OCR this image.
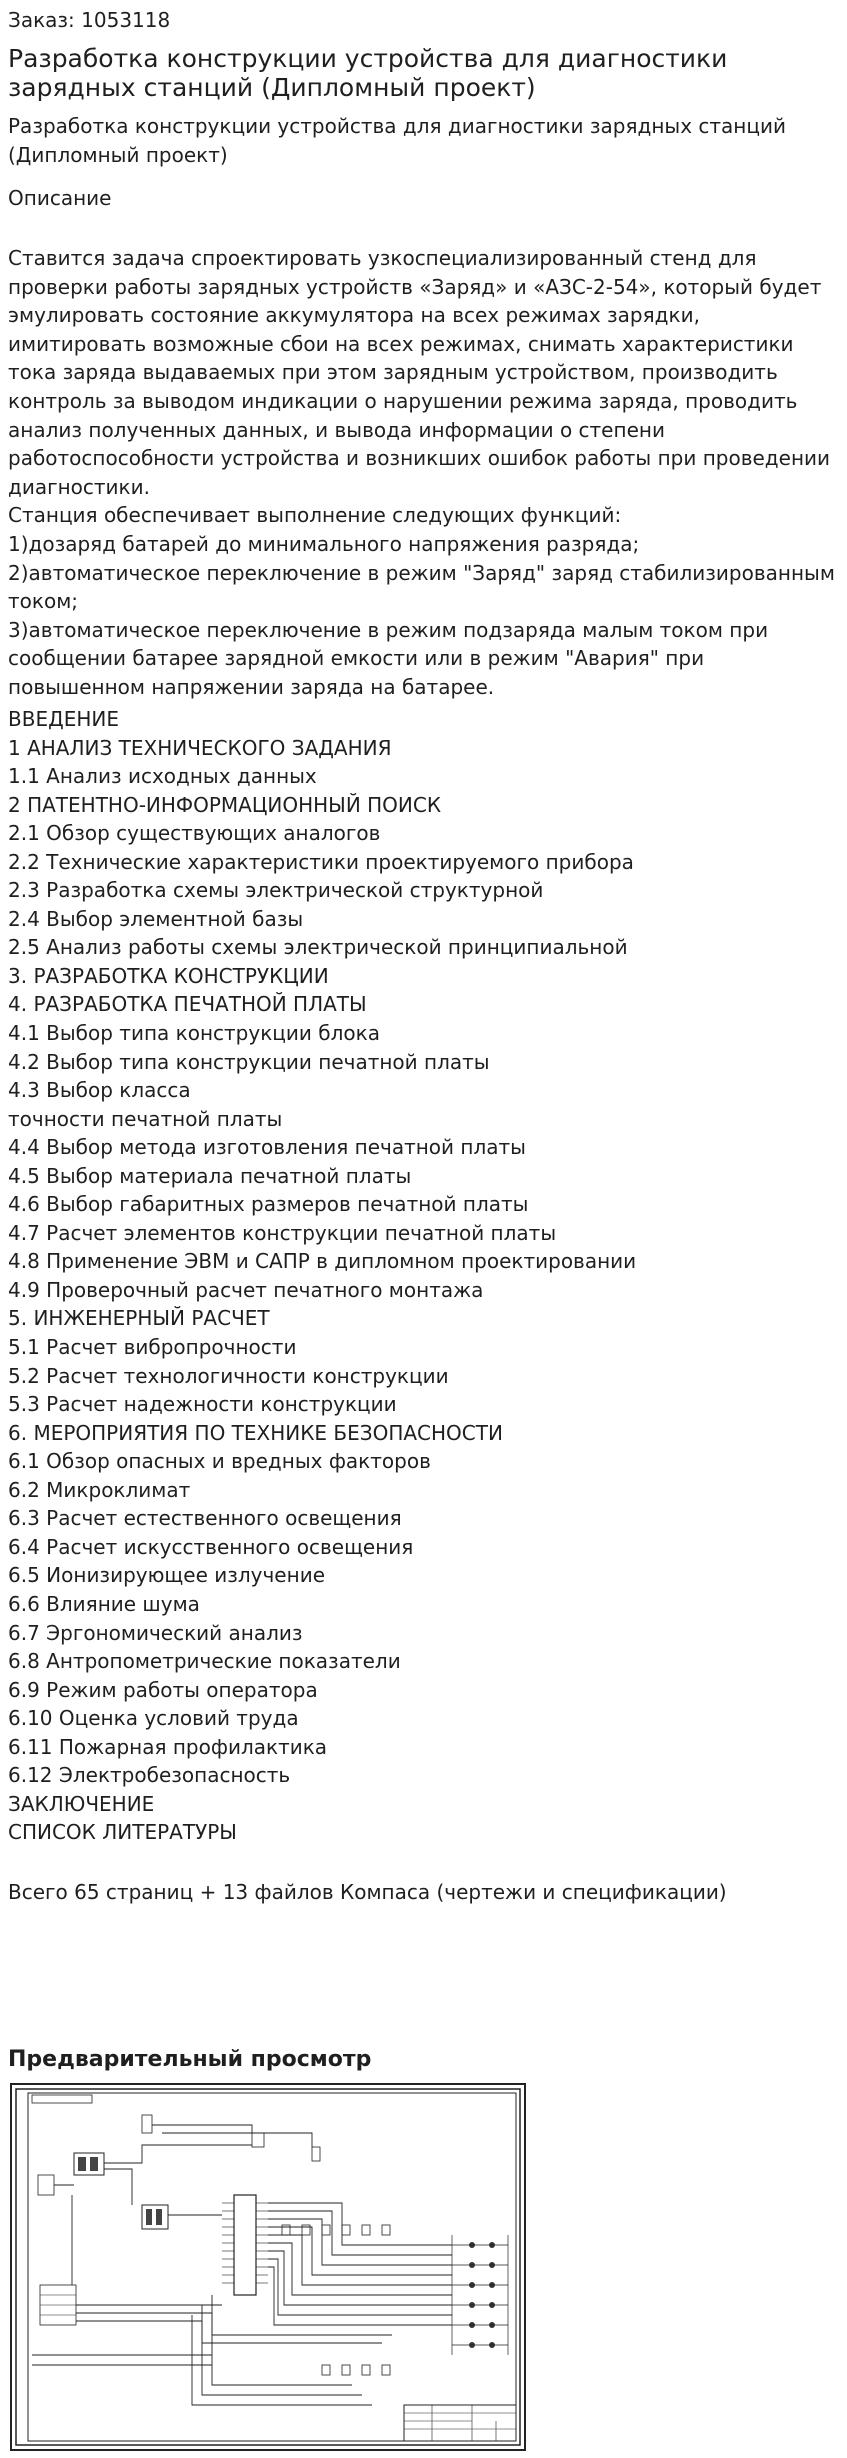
Заказ: 1053118

Разработка конструкции устройства для диагностики зарядных станций (Дипломный проект)

Разработка конструкции устройства для диагностики зарядных станций (Дипломный проект)

Описание

Ставится задача спроектировать узкоспециализированный стенд для проверки работы зарядных устройств «Заряд» и «АЗС-2-54», который будет эмулировать состояние аккумулятора на всех режимах зарядки, имитировать возможные сбои на всех режимах, снимать характеристики тока заряда выдаваемых при этом зарядным устройством, производить контроль за выводом индикации о нарушении режима заряда, проводить анализ полученных данных, и вывода информации о степени работоспособности устройства и возникших ошибок работы при проведении диагностики.

Станция обеспечивает выполнение следующих функций:

1)дозаряд батарей до минимального напряжения разряда;

2)автоматическое переключение в режим "Заряд" заряд стабилизированным током;

3)автоматическое переключение в режим подзаряда малым током при сообщении батарее зарядной емкости или в режим "Авария" при повышенном напряжении заряда на батарее.

ВВЕДЕНИЕ
1 АНАЛИЗ ТЕХНИЧЕСКОГО ЗАДАНИЯ
1.1 Анализ исходных данных
2 ПАТЕНТНО-ИНФОРМАЦИОННЫЙ ПОИСК
2.1 Обзор существующих аналогов
2.2 Технические характеристики проектируемого прибора
2.3 Разработка схемы электрической структурной
2.4 Выбор элементной базы
2.5 Анализ работы схемы электрической принципиальной
3. РАЗРАБОТКА КОНСТРУКЦИИ
4. РАЗРАБОТКА ПЕЧАТНОЙ ПЛАТЫ
4.1 Выбор типа конструкции блока
4.2 Выбор типа конструкции печатной платы
4.3 Выбор класса
точности печатной платы
4.4 Выбор метода изготовления печатной платы
4.5 Выбор материала печатной платы
4.6 Выбор габаритных размеров печатной платы
4.7 Расчет элементов конструкции печатной платы
4.8 Применение ЭВМ и САПР в дипломном проектировании
4.9 Проверочный расчет печатного монтажа
5. ИНЖЕНЕРНЫЙ РАСЧЕТ
5.1 Расчет вибропрочности
5.2 Расчет технологичности конструкции
5.3 Расчет надежности конструкции
6. МЕРОПРИЯТИЯ ПО ТЕХНИКЕ БЕЗОПАСНОСТИ
6.1 Обзор опасных и вредных факторов
6.2 Микроклимат
6.3 Расчет естественного освещения
6.4 Расчет искусственного освещения
6.5 Ионизирующее излучение
6.6 Влияние шума
6.7 Эргономический анализ
6.8 Антропометрические показатели
6.9 Режим работы оператора
6.10 Оценка условий труда
6.11 Пожарная профилактика
6.12 Электробезопасность
ЗАКЛЮЧЕНИЕ
СПИСОК ЛИТЕРАТУРЫ

Всего 65 страниц + 13 файлов Компаса (чертежи и спецификации)

Предварительный просмотр
